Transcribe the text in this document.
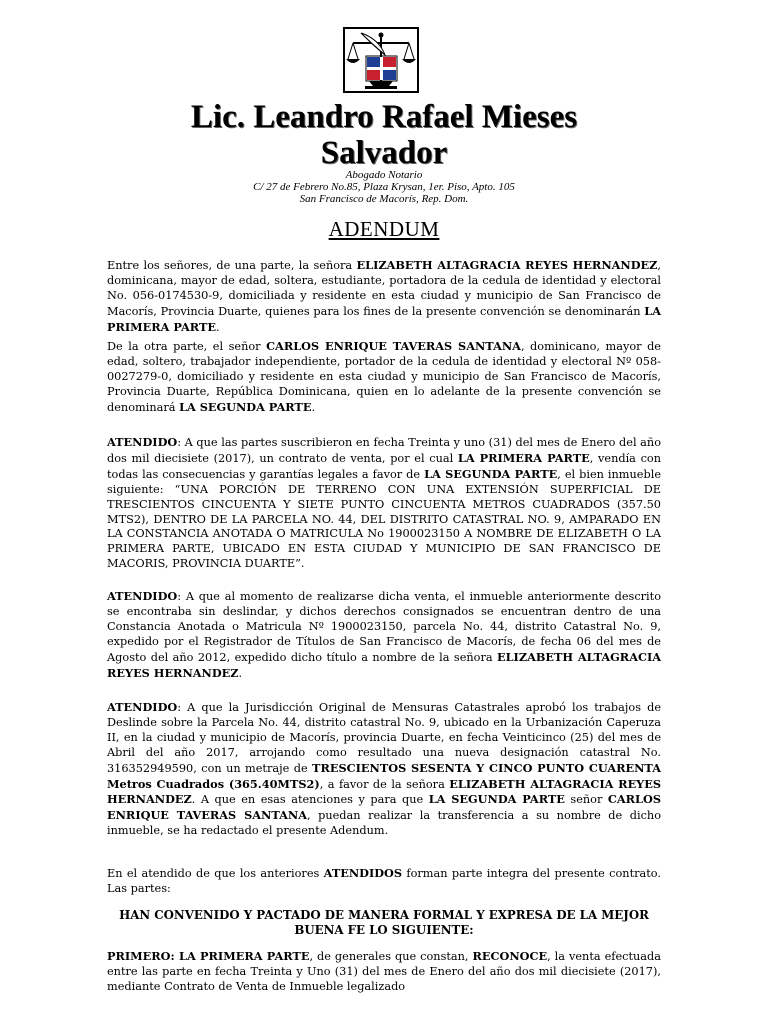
Lic. Leandro Rafael Mieses
Salvador
Abogado Notario
C/ 27 de Febrero No.85, Plaza Krysan, 1er. Piso, Apto. 105
San Francisco de Macorís, Rep. Dom.
ADENDUM
Entre los señores, de una parte, la señora ELIZABETH ALTAGRACIA REYES HERNANDEZ, dominicana, mayor de edad, soltera, estudiante, portadora de la cedula de identidad y electoral No. 056-0174530-9, domiciliada y residente en esta ciudad y municipio de San Francisco de Macorís, Provincia Duarte, quienes para los fines de la presente convención se denominarán LA PRIMERA PARTE.
De la otra parte, el señor CARLOS ENRIQUE TAVERAS SANTANA, dominicano, mayor de edad, soltero, trabajador independiente, portador de la cedula de identidad y electoral Nº 058-0027279-0, domiciliado y residente en esta ciudad y municipio de San Francisco de Macorís, Provincia Duarte, República Dominicana, quien en lo adelante de la presente convención se denominará LA SEGUNDA PARTE.
ATENDIDO: A que las partes suscribieron en fecha Treinta y uno (31) del mes de Enero del año dos mil diecisiete (2017), un contrato de venta, por el cual LA PRIMERA PARTE, vendía con todas las consecuencias y garantías legales a favor de LA SEGUNDA PARTE, el bien inmueble siguiente: “UNA PORCIÓN DE TERRENO CON UNA EXTENSIÓN SUPERFICIAL DE TRESCIENTOS CINCUENTA Y SIETE PUNTO CINCUENTA METROS CUADRADOS (357.50 MTS2), DENTRO DE LA PARCELA NO. 44, DEL DISTRITO CATASTRAL NO. 9, AMPARADO EN LA CONSTANCIA ANOTADA O MATRICULA No 1900023150 A NOMBRE DE ELIZABETH O LA PRIMERA PARTE, UBICADO EN ESTA CIUDAD Y MUNICIPIO DE SAN FRANCISCO DE MACORIS, PROVINCIA DUARTE”.
ATENDIDO: A que al momento de realizarse dicha venta, el inmueble anteriormente descrito se encontraba sin deslindar, y dichos derechos consignados se encuentran dentro de una Constancia Anotada o Matricula Nº 1900023150, parcela No. 44, distrito Catastral No. 9, expedido por el Registrador de Títulos de San Francisco de Macorís, de fecha 06 del mes de Agosto del año 2012, expedido dicho título a nombre de la señora ELIZABETH ALTAGRACIA REYES HERNANDEZ.
ATENDIDO: A que la Jurisdicción Original de Mensuras Catastrales aprobó los trabajos de Deslinde sobre la Parcela No. 44, distrito catastral No. 9, ubicado en la Urbanización Caperuza II, en la ciudad y municipio de Macorís, provincia Duarte, en fecha Veinticinco (25) del mes de Abril del año 2017, arrojando como resultado una nueva designación catastral No. 316352949590, con un metraje de TRESCIENTOS SESENTA Y CINCO PUNTO CUARENTA Metros Cuadrados (365.40MTS2), a favor de la señora ELIZABETH ALTAGRACIA REYES HERNANDEZ. A que en esas atenciones y para que LA SEGUNDA PARTE señor CARLOS ENRIQUE TAVERAS SANTANA, puedan realizar la transferencia a su nombre de dicho inmueble, se ha redactado el presente Adendum.
En el atendido de que los anteriores ATENDIDOS forman parte integra del presente contrato. Las partes:
HAN CONVENIDO Y PACTADO DE MANERA FORMAL Y EXPRESA DE LA MEJOR BUENA FE LO SIGUIENTE:
PRIMERO: LA PRIMERA PARTE, de generales que constan, RECONOCE, la venta efectuada entre las parte en fecha Treinta y Uno (31) del mes de Enero del año dos mil diecisiete (2017), mediante Contrato de Venta de Inmueble legalizado
